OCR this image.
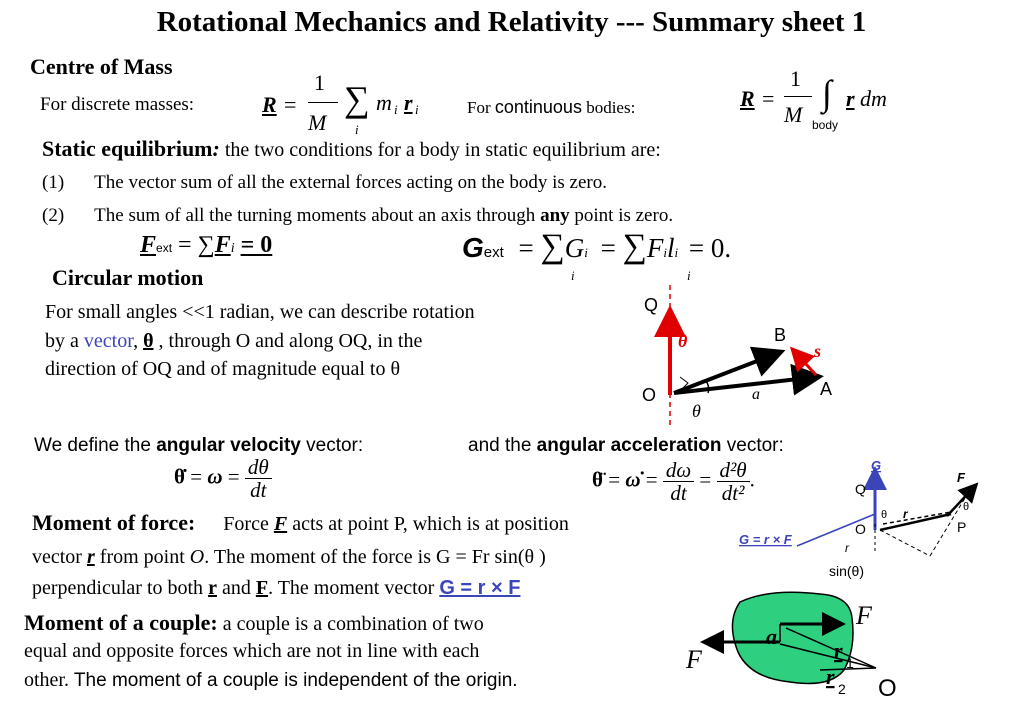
Rotational Mechanics and Relativity --- Summary sheet 1
Centre of Mass
For discrete masses:	R =
1
M
∑
i
m i r i	For continuous bodies:	R =
1
M
∫
body
r dm
Static equilibrium: the two conditions for a body in static equilibrium are:
(1) The vector sum of all the external forces acting on the body is zero.
(2) The sum of all the turning moments about an axis through any point is zero.
Fext = ∑Fi = 0	Gext = ∑Gi = ∑Fili = 0.
i	i
Circular motion
For small angles <<1 radian, we can describe rotation
by a vector, θ , through O and along OQ, in the
direction of OQ and of magnitude equal to θ
Q
B
A
O
θ	s
a
θ
We define the angular velocity vector:	and the angular acceleration vector:
θ̇ = $\omega = \frac{d\theta}{dt}$	θ̈ = ω̇ = $\frac{d\omega}{dt} = \frac{\text{d²θ}}{\text{dt²}}$ .
Moment of force: Force F acts at point P, which is at position
vector r from point O. The moment of the force is G = Fr sin(θ )
perpendicular to both r and F. The moment vector G = r × F
G
Q
θ
F
θ
O
r
P
r
sin(θ)
G = r × F
Moment of a couple: a couple is a combination of two
equal and opposite forces which are not in line with each
other. The moment of a couple is independent of the origin.
F
F
a
r 1
r 2 O
